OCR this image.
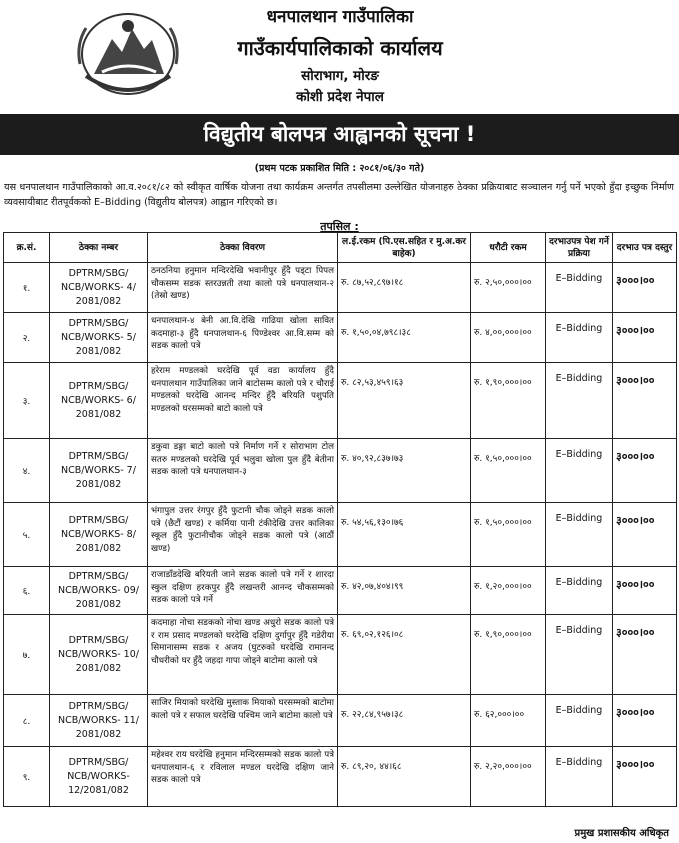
धनपालथान गाउँपालिका
गाउँकार्यपालिकाको कार्यालय
सोराभाग, मोरङ
कोशी प्रदेश नेपाल
विद्युतीय बोलपत्र आह्वानको सूचना !
(प्रथम पटक प्रकाशित मिति : २०८१/०६/३० गते)
यस धनपालथान गाउँपालिकाको आ.व.२०८१/८२ को स्वीकृत वार्षिक योजना तथा कार्यक्रम अन्तर्गत तपसीलमा उल्लेखित योजनाहरु ठेक्का प्रक्रियाबाट सञ्चालन गर्नु पर्ने भएको हुँदा इच्छुक निर्माण व्यवसायीबाट रीतपूर्वकको E–Bidding (विद्युतीय बोलपत्र) आह्वान गरिएको छ।
तपसिल :
क्र.सं.	ठेक्का नम्बर	ठेक्का विवरण	ल.ई.रकम (पि.एस.सहित र मु.अ.कर बाहेक)	धरौटी रकम	दरभाउपत्र पेश गर्ने प्रक्रिया	दरभाउ पत्र दस्तुर
१.	DPTRM/SBG/ NCB/WORKS- 4/ 2081/082	ठनठनिया हनुमान मन्दिरदेखि भवानीपुर हुँदै पड्टा पिपल चौकसम्म सडक स्तरउन्नती तथा कालो पत्रे धनपालथान-२ (तेस्रो खण्ड)	रु. ८७,५२,८९७।१८	रु. २,५०,०००।००	E–Bidding	३०००।००
२.	DPTRM/SBG/ NCB/WORKS- 5/ 2081/082	धनपालथान-४ बेनी आ.वि.देखि गाढिया खोला सावित कदमाहा-३ हुँदै धनपालथान-६ पिण्डेश्वर आ.वि.सम्म को सडक कालो पत्रे	रु. १,५०,०४,७९८।३८	रु. ४,००,०००।००	E–Bidding	३०००।००
३.	DPTRM/SBG/ NCB/WORKS- 6/ 2081/082	हरेराम मण्डलको घरदेखि पूर्व वडा कार्यालय हुँदै धनपालथान गाउँपालिका जाने बाटोसम्म कालो पत्रे र चौराई मण्डलको घरदेखि आनन्द मन्दिर हुँदै बरियति पशुपति मण्डलको घरसम्मको बाटो कालो पत्रे	रु. ८२,५३,४५९।६३	रु. १,९०,०००।००	E–Bidding	३०००।००
४.	DPTRM/SBG/ NCB/WORKS- 7/ 2081/082	डकुवा डङ्गा बाटो कालो पत्रे निर्माण गर्ने र सोराभाग टोल सतरु मण्डलको घरदेखि पूर्व भलुवा खोला पुल हुँदै बेतीना सडक कालो पत्रे धनपालथान-३	रु. ४०,९२,८३७।७३	रु. १,५०,०००।००	E–Bidding	३०००।००
५.	DPTRM/SBG/ NCB/WORKS- 8/ 2081/082	भंगापुल उत्तर रंगपुर हुँदै फुटानी चौक जोड्ने सडक कालो पत्रे (छैटौं खण्ड) र कर्मिया पानी टंकीदेखि उत्तर कालिका स्कूल हुँदै फुटानीचौक जोड्ने सडक कालो पत्रे (आठौं खण्ड)	रु. ५४,५६,१३०।७६	रु. १,५०,०००।००	E–Bidding	३०००।००
६.	DPTRM/SBG/ NCB/WORKS- 09/ 2081/082	राजाडाँडदेखि बरियती जाने सडक कालो पत्रे गर्ने र शारदा स्कुल दक्षिण हरकपुर हुँदै लखन्तरी आनन्द चौकसम्मको सडक कालो पत्रे गर्ने	रु. ४२,०७,४०४।९९	रु. १,२०,०००।००	E–Bidding	३०००।००
७.	DPTRM/SBG/ NCB/WORKS- 10/ 2081/082	कदमाहा नोचा सडकको नोचा खण्ड अधुरो सडक कालो पत्रे र राम प्रसाद मण्डलको घरदेखि दक्षिण दुर्गापुर हुँदै गडेरीया सिमानासम्म सडक र अजय (घुटरुको घरदेखि रामानन्द चौधरीको घर हुँदै जहदा गापा जोड्ने बाटोमा कालो पत्रे	रु. ६९,०२,१२६।०८	रु. १,९०,०००।००	E–Bidding	३०००।००
८.	DPTRM/SBG/ NCB/WORKS- 11/ 2081/082	साजिर मियाको घरदेखि मुस्ताक मियाको घरसम्मको बाटोमा कालो पत्रे र सफाल घरदेखि पश्चिम जाने बाटोमा कालो पत्रे	रु. २२,८४,९५७।३८	रु. ६२,०००।००	E–Bidding	३०००।००
९.	DPTRM/SBG/ NCB/WORKS- 12/2081/082	महेश्वर राय घरदेखि हनुमान मन्दिरसम्मको सडक कालो पत्रे धनपालथान-६ र रविलाल मण्डल घरदेखि दक्षिण जाने सडक कालो पत्रे	रु. ८९,२०, ४४।६८	रु. २,२०,०००।००	E–Bidding	३०००।००
प्रमुख प्रशासकीय अधिकृत
